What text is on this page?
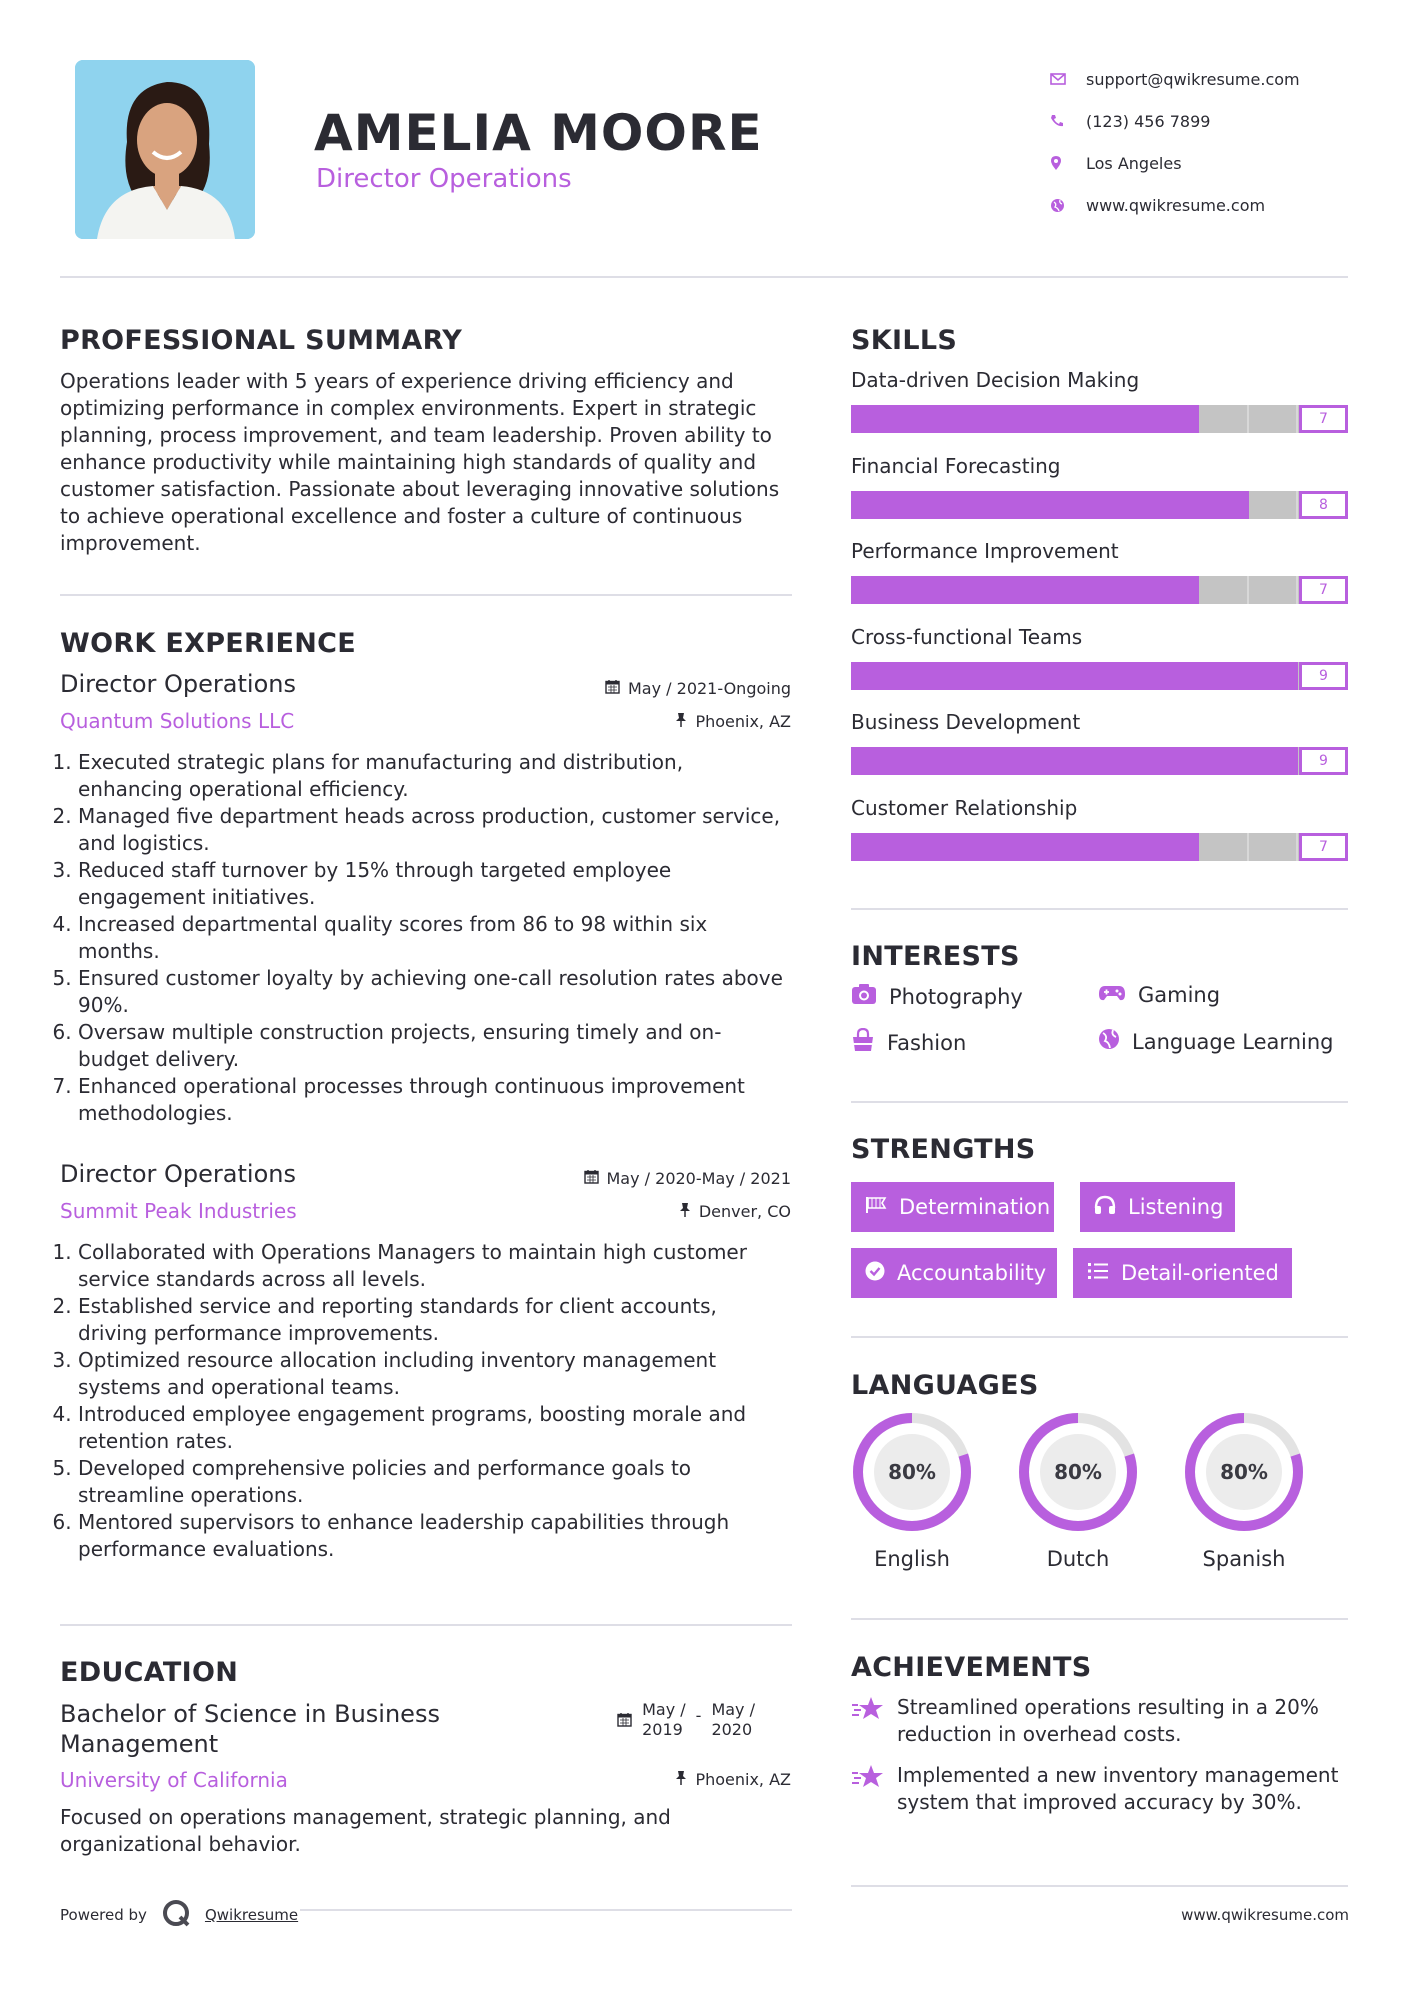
AMELIA MOORE
Director Operations
support@qwikresume.com
(123) 456 7899
Los Angeles
www.qwikresume.com
PROFESSIONAL SUMMARY
Operations leader with 5 years of experience driving efficiency and optimizing performance in complex environments. Expert in strategic planning, process improvement, and team leadership. Proven ability to enhance productivity while maintaining high standards of quality and customer satisfaction. Passionate about leveraging innovative solutions to achieve operational excellence and foster a culture of continuous improvement.
WORK EXPERIENCE
Director Operations	May / 2021-Ongoing
Quantum Solutions LLC	Phoenix, AZ
1. Executed strategic plans for manufacturing and distribution, enhancing operational efficiency.
2. Managed five department heads across production, customer service, and logistics.
3. Reduced staff turnover by 15% through targeted employee engagement initiatives.
4. Increased departmental quality scores from 86 to 98 within six months.
5. Ensured customer loyalty by achieving one-call resolution rates above 90%.
6. Oversaw multiple construction projects, ensuring timely and on-budget delivery.
7. Enhanced operational processes through continuous improvement methodologies.
Director Operations	May / 2020-May / 2021
Summit Peak Industries	Denver, CO
1. Collaborated with Operations Managers to maintain high customer service standards across all levels.
2. Established service and reporting standards for client accounts, driving performance improvements.
3. Optimized resource allocation including inventory management systems and operational teams.
4. Introduced employee engagement programs, boosting morale and retention rates.
5. Developed comprehensive policies and performance goals to streamline operations.
6. Mentored supervisors to enhance leadership capabilities through performance evaluations.
EDUCATION
Bachelor of Science in Business
Management
May /
2019
- May /
2020
University of California	Phoenix, AZ
Focused on operations management, strategic planning, and organizational behavior.
Powered by	Qwikresume	www.qwikresume.com
SKILLS
Data-driven Decision Making
7
Financial Forecasting
8
Performance Improvement
7
Cross-functional Teams
9
Business Development
9
Customer Relationship
7
INTERESTS
Photography	Gaming
Fashion	Language Learning
STRENGTHS
Determination	Listening
Accountability	Detail-oriented
LANGUAGES
80%
English
80%
Dutch
80%
Spanish
ACHIEVEMENTS
Streamlined operations resulting in a 20% reduction in overhead costs.
Implemented a new inventory management system that improved accuracy by 30%.
